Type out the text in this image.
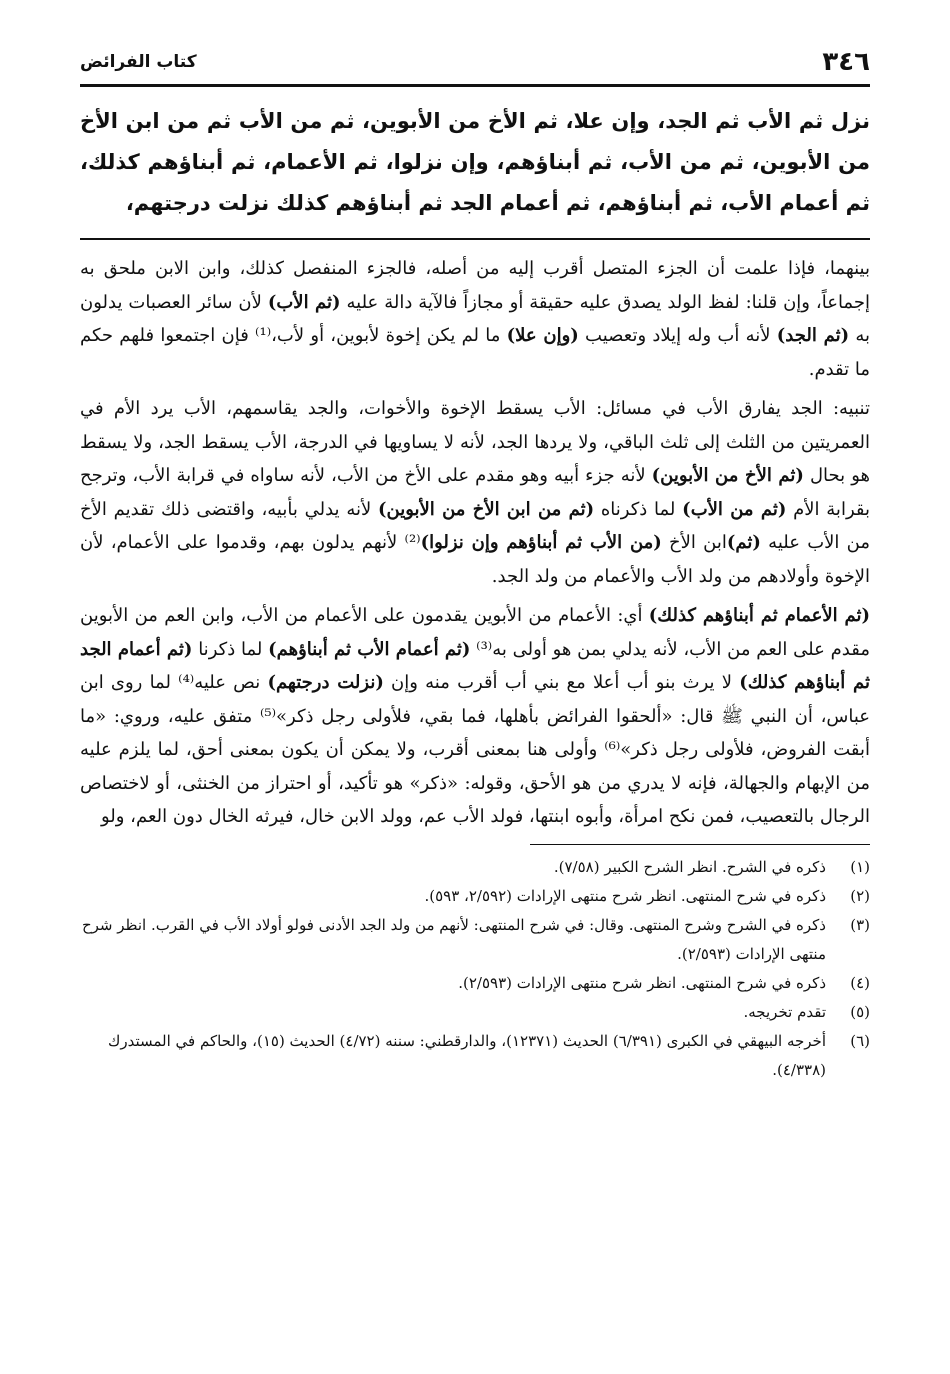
٣٤٦
كتاب الفرائض
نزل ثم الأب ثم الجد، وإن علا، ثم الأخ من الأبوين، ثم من الأب ثم من ابن الأخ من الأبوين، ثم من الأب، ثم أبناؤهم، وإن نزلوا، ثم الأعمام، ثم أبناؤهم كذلك، ثم أعمام الأب، ثم أبناؤهم، ثم أعمام الجد ثم أبناؤهم كذلك نزلت درجتهم،

بينهما، فإذا علمت أن الجزء المتصل أقرب إليه من أصله، فالجزء المنفصل كذلك، وابن الابن ملحق به إجماعاً، وإن قلنا: لفظ الولد يصدق عليه حقيقة أو مجازاً فالآية دالة عليه (ثم الأب) لأن سائر العصبات يدلون به (ثم الجد) لأنه أب وله إيلاد وتعصيب (وإن علا) ما لم يكن إخوة لأبوين، أو لأب،⁽¹⁾ فإن اجتمعوا فلهم حكم ما تقدم.

تنبيه: الجد يفارق الأب في مسائل: الأب يسقط الإخوة والأخوات، والجد يقاسمهم، الأب يرد الأم في العمريتين من الثلث إلى ثلث الباقي، ولا يردها الجد، لأنه لا يساويها في الدرجة، الأب يسقط الجد، ولا يسقط هو بحال (ثم الأخ من الأبوين) لأنه جزء أبيه وهو مقدم على الأخ من الأب، لأنه ساواه في قرابة الأب، وترجح بقرابة الأم (ثم من الأب) لما ذكرناه (ثم من ابن الأخ من الأبوين) لأنه يدلي بأبيه، واقتضى ذلك تقديم الأخ من الأب عليه (ثم)ابن الأخ (من الأب ثم أبناؤهم وإن نزلوا)⁽²⁾ لأنهم يدلون بهم، وقدموا على الأعمام، لأن الإخوة وأولادهم من ولد الأب والأعمام من ولد الجد.

(ثم الأعمام ثم أبناؤهم كذلك) أي: الأعمام من الأبوين يقدمون على الأعمام من الأب، وابن العم من الأبوين مقدم على العم من الأب، لأنه يدلي بمن هو أولى به⁽³⁾ (ثم أعمام الأب ثم أبناؤهم) لما ذكرنا (ثم أعمام الجد ثم أبناؤهم كذلك) لا يرث بنو أب أعلا مع بني أب أقرب منه وإن (نزلت درجتهم) نص عليه⁽⁴⁾ لما روى ابن عباس، أن النبي ﷺ قال: «ألحقوا الفرائض بأهلها، فما بقي، فلأولى رجل ذكر»⁽⁵⁾ متفق عليه، وروي: «ما أبقت الفروض، فلأولى رجل ذكر»⁽⁶⁾ وأولى هنا بمعنى أقرب، ولا يمكن أن يكون بمعنى أحق، لما يلزم عليه من الإبهام والجهالة، فإنه لا يدري من هو الأحق، وقوله: «ذكر» هو تأكيد، أو احتراز من الخنثى، أو لاختصاص الرجال بالتعصيب، فمن نكح امرأة، وأبوه ابنتها، فولد الأب عم، وولد الابن خال، فيرثه الخال دون العم، ولو

(١)
ذكره في الشرح. انظر الشرح الكبير (٧/٥٨).
(٢)
ذكره في شرح المنتهى. انظر شرح منتهى الإرادات (٢/٥٩٢، ٥٩٣).
(٣)
ذكره في الشرح وشرح المنتهى. وقال: في شرح المنتهى: لأنهم من ولد الجد الأدنى فولو أولاد الأب في القرب. انظر شرح منتهى الإرادات (٢/٥٩٣).
(٤)
ذكره في شرح المنتهى. انظر شرح منتهى الإرادات (٢/٥٩٣).
(٥)
تقدم تخريجه.
(٦)
أخرجه البيهقي في الكبرى (٦/٣٩١) الحديث (١٢٣٧١)، والدارقطني: سننه (٤/٧٢) الحديث (١٥)، والحاكم في المستدرك (٤/٣٣٨).
